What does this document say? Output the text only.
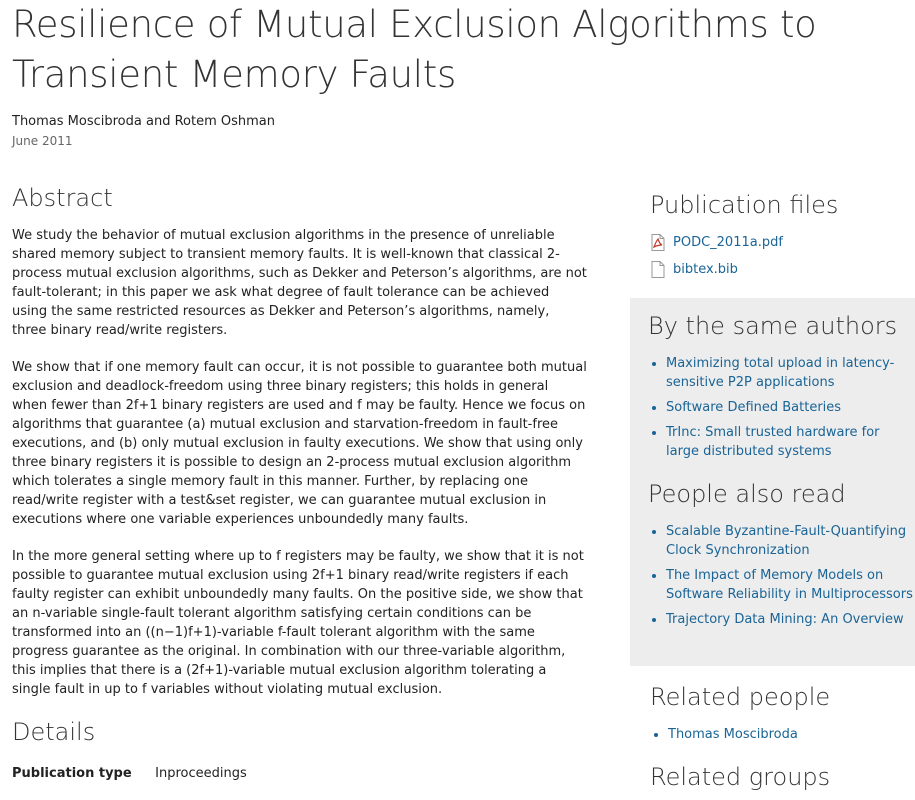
Resilience of Mutual Exclusion Algorithms to Transient Memory Faults
Thomas Moscibroda and Rotem Oshman
June 2011
Abstract

We study the behavior of mutual exclusion algorithms in the presence of unreliable shared memory subject to transient memory faults. It is well-known that classical 2-process mutual exclusion algorithms, such as Dekker and Peterson’s algorithms, are not fault-tolerant; in this paper we ask what degree of fault tolerance can be achieved using the same restricted resources as Dekker and Peterson’s algorithms, namely, three binary read/write registers.

We show that if one memory fault can occur, it is not possible to guarantee both mutual exclusion and deadlock-freedom using three binary registers; this holds in general when fewer than 2f+1 binary registers are used and f may be faulty. Hence we focus on algorithms that guarantee (a) mutual exclusion and starvation-freedom in fault-free executions, and (b) only mutual exclusion in faulty executions. We show that using only three binary registers it is possible to design an 2-process mutual exclusion algorithm which tolerates a single memory fault in this manner. Further, by replacing one read/write register with a test&set register, we can guarantee mutual exclusion in executions where one variable experiences unboundedly many faults.

In the more general setting where up to f registers may be faulty, we show that it is not possible to guarantee mutual exclusion using 2f+1 binary read/write registers if each faulty register can exhibit unboundedly many faults. On the positive side, we show that an n-variable single-fault tolerant algorithm satisfying certain conditions can be transformed into an ((n−1)f+1)-variable f-fault tolerant algorithm with the same progress guarantee as the original. In combination with our three-variable algorithm, this implies that there is a (2f+1)-variable mutual exclusion algorithm tolerating a single fault in up to f variables without violating mutual exclusion.

Details
Publication type Inproceedings
Publication files
PODC_2011a.pdf
bibtex.bib
By the same authors
• Maximizing total upload in latency-sensitive P2P applications
• Software Defined Batteries
• TrInc: Small trusted hardware for large distributed systems
People also read
• Scalable Byzantine-Fault-Quantifying Clock Synchronization
• The Impact of Memory Models on Software Reliability in Multiprocessors
• Trajectory Data Mining: An Overview
Related people
• Thomas Moscibroda
Related groups
